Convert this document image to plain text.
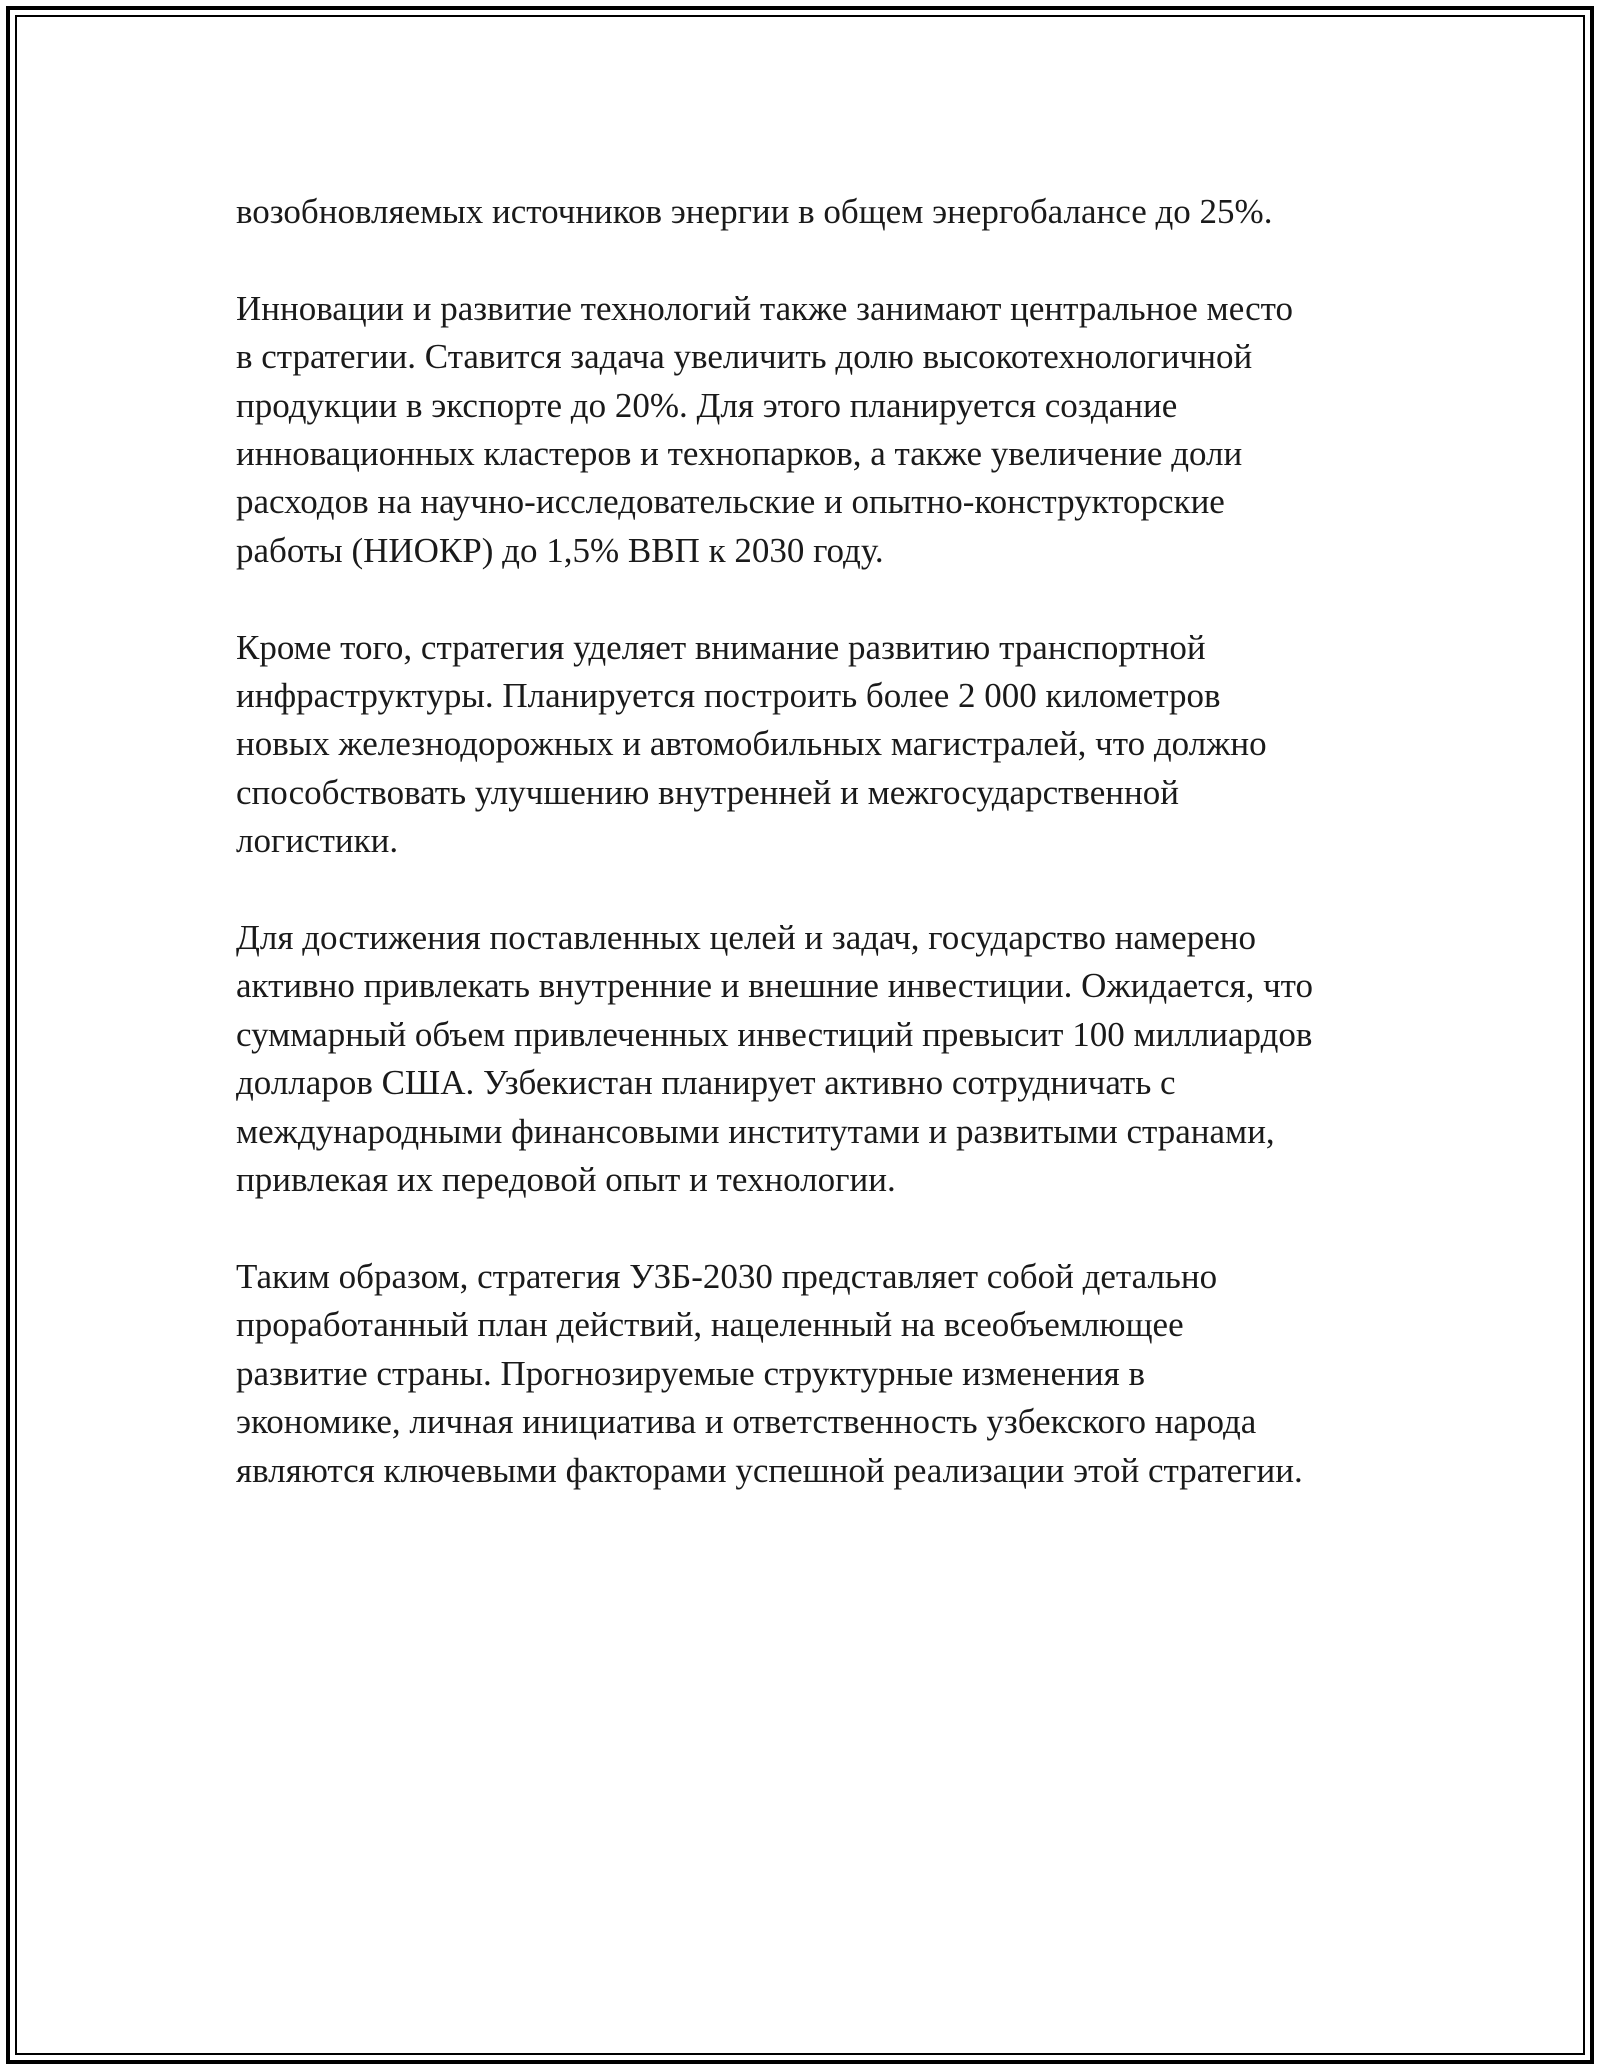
возобновляемых источников энергии в общем энергобалансе до 25%.
Инновации и развитие технологий также занимают центральное место
в стратегии. Ставится задача увеличить долю высокотехнологичной
продукции в экспорте до 20%. Для этого планируется создание
инновационных кластеров и технопарков, а также увеличение доли
расходов на научно-исследовательские и опытно-конструкторские
работы (НИОКР) до 1,5% ВВП к 2030 году.
Кроме того, стратегия уделяет внимание развитию транспортной
инфраструктуры. Планируется построить более 2 000 километров
новых железнодорожных и автомобильных магистралей, что должно
способствовать улучшению внутренней и межгосударственной
логистики.
Для достижения поставленных целей и задач, государство намерено
активно привлекать внутренние и внешние инвестиции. Ожидается, что
суммарный объем привлеченных инвестиций превысит 100 миллиардов
долларов США. Узбекистан планирует активно сотрудничать с
международными финансовыми институтами и развитыми странами,
привлекая их передовой опыт и технологии.
Таким образом, стратегия УЗБ-2030 представляет собой детально
проработанный план действий, нацеленный на всеобъемлющее
развитие страны. Прогнозируемые структурные изменения в
экономике, личная инициатива и ответственность узбекского народа
являются ключевыми факторами успешной реализации этой стратегии.
